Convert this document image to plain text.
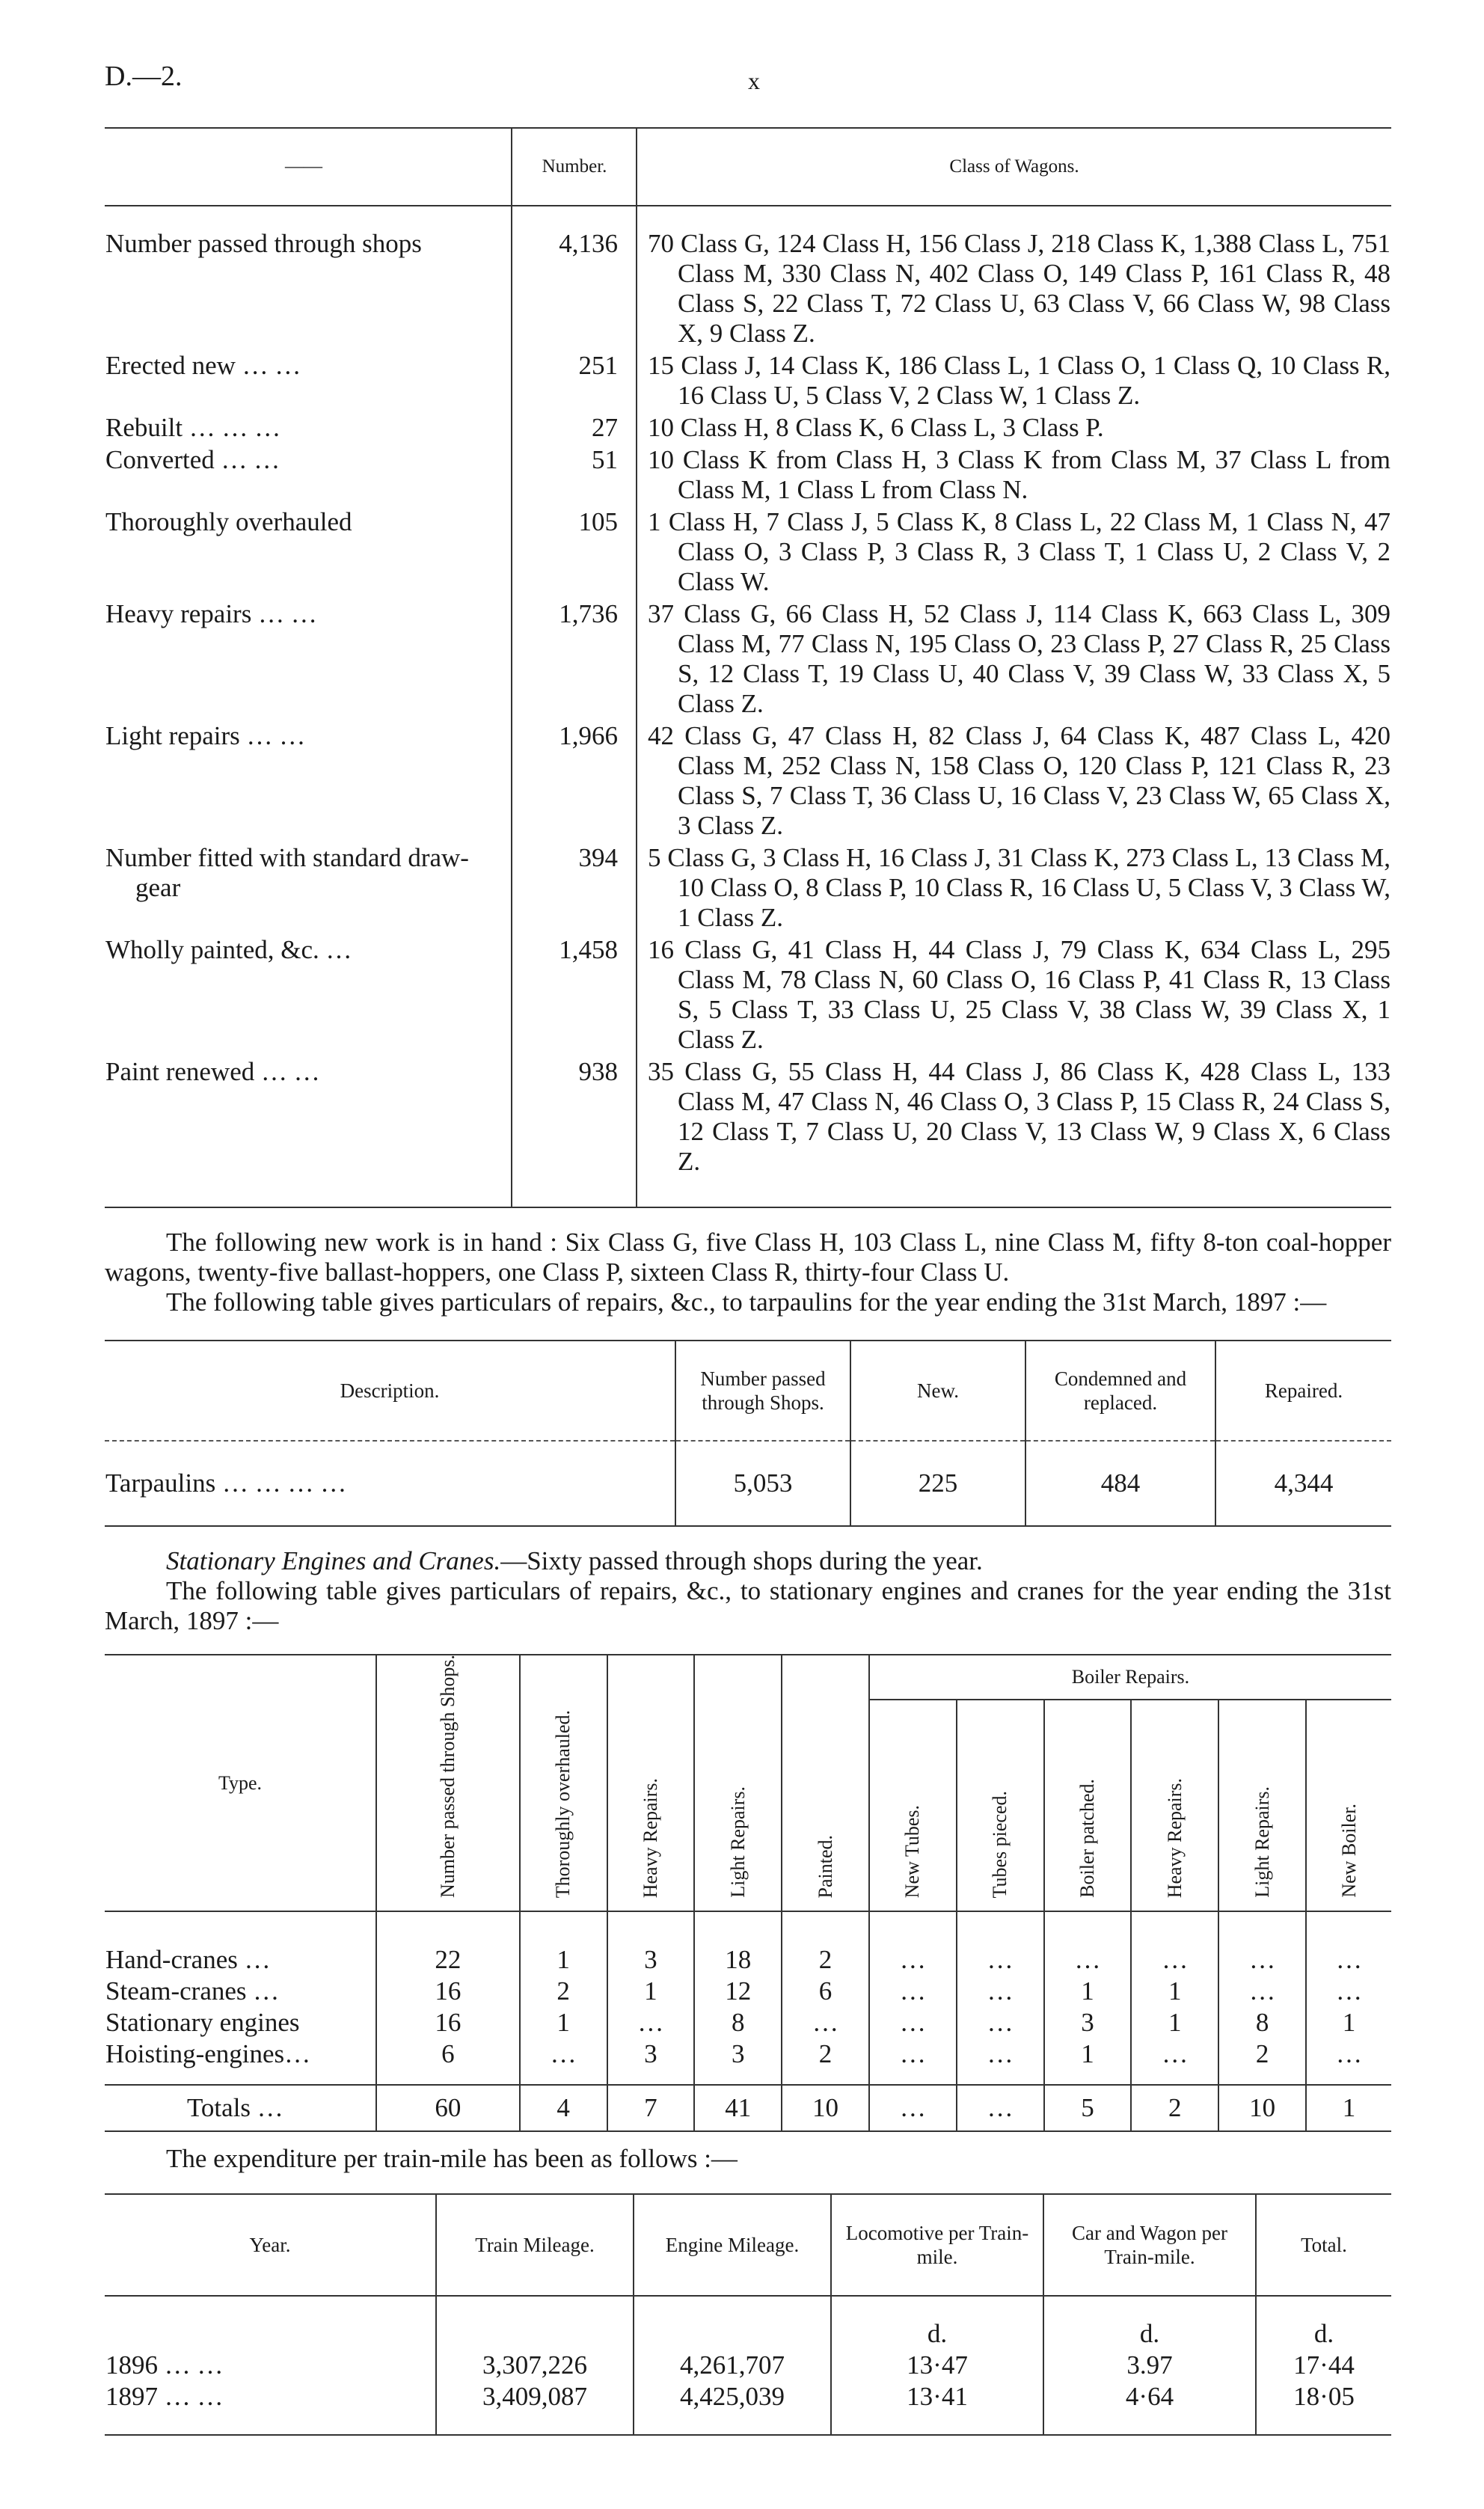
D.—2.	x
——	Number.	Class of Wagons.
Number passed through shops	4,136	70 Class G, 124 Class H, 156 Class J, 218 Class K, 1,388 Class L, 751 Class M, 330 Class N, 402 Class O, 149 Class P, 161 Class R, 48 Class S, 22 Class T, 72 Class U, 63 Class V, 66 Class W, 98 Class X, 9 Class Z.

Erected new … …	251	15 Class J, 14 Class K, 186 Class L, 1 Class O, 1 Class Q, 10 Class R, 16 Class U, 5 Class V, 2 Class W, 1 Class Z.

Rebuilt … … …	27	10 Class H, 8 Class K, 6 Class L, 3 Class P.

Converted … …	51	10 Class K from Class H, 3 Class K from Class M, 37 Class L from Class M, 1 Class L from Class N.

Thoroughly overhauled	105	1 Class H, 7 Class J, 5 Class K, 8 Class L, 22 Class M, 1 Class N, 47 Class O, 3 Class P, 3 Class R, 3 Class T, 1 Class U, 2 Class V, 2 Class W.

Heavy repairs … …	1,736	37 Class G, 66 Class H, 52 Class J, 114 Class K, 663 Class L, 309 Class M, 77 Class N, 195 Class O, 23 Class P, 27 Class R, 25 Class S, 12 Class T, 19 Class U, 40 Class V, 39 Class W, 33 Class X, 5 Class Z.

Light repairs … …	1,966	42 Class G, 47 Class H, 82 Class J, 64 Class K, 487 Class L, 420 Class M, 252 Class N, 158 Class O, 120 Class P, 121 Class R, 23 Class S, 7 Class T, 36 Class U, 16 Class V, 23 Class W, 65 Class X, 3 Class Z.

Number fitted with standard draw-gear	394	5 Class G, 3 Class H, 16 Class J, 31 Class K, 273 Class L, 13 Class M, 10 Class O, 8 Class P, 10 Class R, 16 Class U, 5 Class V, 3 Class W, 1 Class Z.

Wholly painted, &c. …	1,458	16 Class G, 41 Class H, 44 Class J, 79 Class K, 634 Class L, 295 Class M, 78 Class N, 60 Class O, 16 Class P, 41 Class R, 13 Class S, 5 Class T, 33 Class U, 25 Class V, 38 Class W, 39 Class X, 1 Class Z.

Paint renewed … …	938	35 Class G, 55 Class H, 44 Class J, 86 Class K, 428 Class L, 133 Class M, 47 Class N, 46 Class O, 3 Class P, 15 Class R, 24 Class S, 12 Class T, 7 Class U, 20 Class V, 13 Class W, 9 Class X, 6 Class Z.

The following new work is in hand : Six Class G, five Class H, 103 Class L, nine Class M, fifty 8-ton coal-hopper wagons, twenty-five ballast-hoppers, one Class P, sixteen Class R, thirty-four Class U.

The following table gives particulars of repairs, &c., to tarpaulins for the year ending the 31st March, 1897 :—

Description.	Number passed through Shops.	New.	Condemned and replaced.	Repaired.
Tarpaulins … … … …	5,053	225	484	4,344

Stationary Engines and Cranes.—Sixty passed through shops during the year.

The following table gives particulars of repairs, &c., to stationary engines and cranes for the year ending the 31st March, 1897 :—

Type.	Number passed through Shops.	Thoroughly overhauled.	Heavy Repairs.	Light Repairs.	Painted.	Boiler Repairs.					
						New Tubes.	Tubes pieced.	Boiler patched.	Heavy Repairs.	Light Repairs.	New Boiler.
Hand-cranes …	22	1	3	18	2	…	…	…	…	…	…
Steam-cranes …	16	2	1	12	6	…	…	1	1	…	…
Stationary engines	16	1	…	8	…	…	…	3	1	8	1
Hoisting-engines…	6	…	3	3	2	…	…	1	…	2	…
Totals …	60	4	7	41	10	…	…	5	2	10	1

The expenditure per train-mile has been as follows :—

Year.	Train Mileage.	Engine Mileage.	Locomotive per Train-mile.	Car and Wagon per Train-mile.	Total.
			d.	d.	d.
1896 … …	3,307,226	4,261,707	13·47	3.97	17·44
1897 … …	3,409,087	4,425,039	13·41	4·64	18·05
